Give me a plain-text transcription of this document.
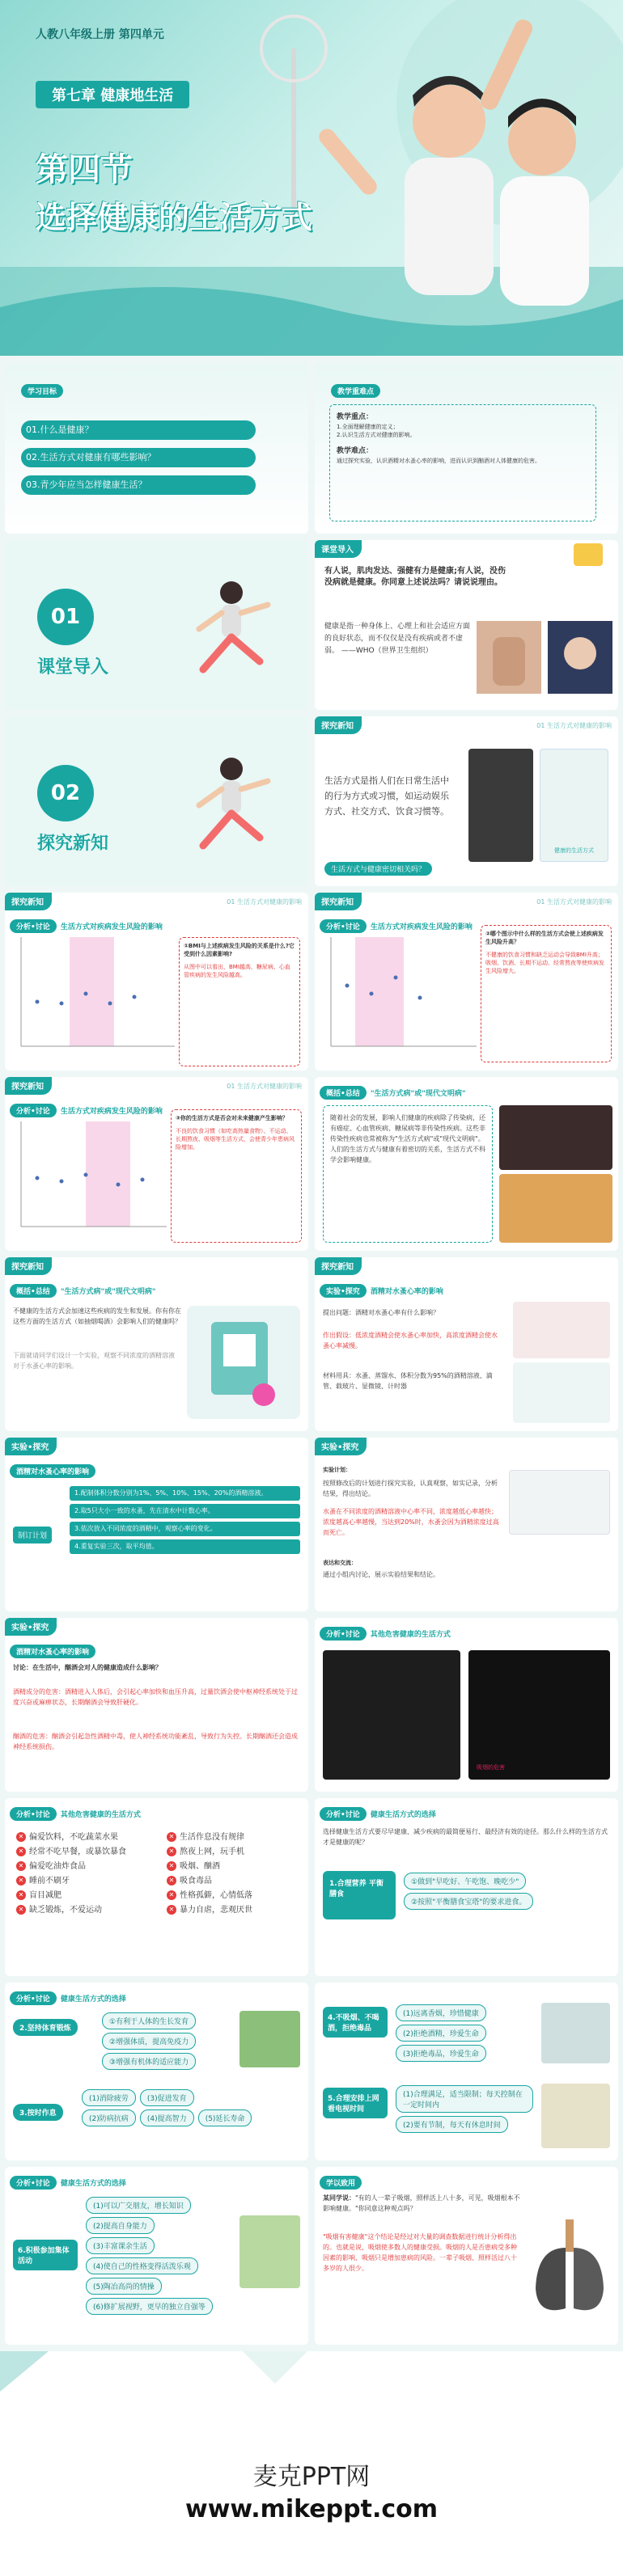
人教八年级上册 第四单元
第七章 健康地生活
第四节
选择健康的生活方式
学习目标
01.什么是健康？
02.生活方式对健康有哪些影响？
03.青少年应当怎样健康生活？
教学重难点
教学重点：
1.全面理解健康的定义；
2.认识生活方式对健康的影响。
教学难点：
通过探究实验，认识酒精对水蚤心率的影响，进而认识到酗酒对人体健康的危害。
01
课堂导入
课堂导入
有人说，肌肉发达、强健有力是健康;有人说，没伤没病就是健康。你同意上述说法吗？请说说理由。
健康是指一种身体上、心理上和社会适应方面的良好状态，而不仅仅是没有疾病或者不虚弱。 ——WHO（世界卫生组织）
02
探究新知
探究新知	01 生活方式对健康的影响
生活方式是指人们在日常生活中的行为方式或习惯，如运动娱乐方式、社交方式、饮食习惯等。
生活方式与健康密切相关吗？
健康的生活方式
探究新知	01 生活方式对健康的影响
分析•讨论 生活方式对疾病发生风险的影响
①BMI与上述疾病发生风险的关系是什么?它受到什么因素影响?
从图中可以看出，BMI越高，糖尿病、心血管疾病的发生风险越高。
探究新知	01 生活方式对健康的影响
分析•讨论 生活方式对疾病发生风险的影响
②哪个图示中什么样的生活方式会使上述疾病发生风险升高？
不健康的饮食习惯和缺乏运动会导致BMI升高；吸烟、饮酒、长期不运动、经常熬夜等使疾病发生风险增大。
探究新知	01 生活方式对健康的影响
分析•讨论 生活方式对疾病发生风险的影响
③你的生活方式是否会对未来健康产生影响？
不良的饮食习惯（如吃高热量食物）、不运动、长期熬夜、吸烟等生活方式，会使青少年患病风险增加。
概括•总结 "生活方式病"或"现代文明病"
随着社会的发展，影响人们健康的疾病除了传染病，还有癌症、心血管疾病、糖尿病等非传染性疾病。这些非传染性疾病也常被称为"生活方式病"或"现代文明病"。人们的生活方式与健康有着密切的关系，生活方式不科学会影响健康。
探究新知
概括•总结 "生活方式病"或"现代文明病"
不健康的生活方式会加速这些疾病的发生和发展。你有你在这些方面的生活方式（如抽烟喝酒）会影响人们的健康吗？
下面就请同学们设计一个实验，观察不同浓度的酒精溶液对于水蚤心率的影响。
探究新知
实验•探究 酒精对水蚤心率的影响
提出问题：酒精对水蚤心率有什么影响？
作出假设：低浓度酒精会使水蚤心率加快，高浓度酒精会使水蚤心率减慢。
材料用具：水蚤、蒸馏水、体积分数为95%的酒精溶液、滴管、载玻片、显微镜、计时器
实验•探究
酒精对水蚤心率的影响
制订计划
1.配制体积分数分别为1%、5%、10%、15%、20%的酒精溶液。
2.取5只大小一致的水蚤，先在清水中计数心率。
3.依次放入不同浓度的酒精中，观察心率的变化。
4.重复实验三次，取平均值。
实验•探究
实验计划：
按照修改后的计划进行探究实验，认真观察，如实记录，分析结果，得出结论。
水蚤在不同浓度的酒精溶液中心率不同，浓度越低心率越快；浓度越高心率越慢，当达到20%时，水蚤会因为酒精浓度过高而死亡。
表达和交流：
通过小组内讨论，展示实验结果和结论。
实验•探究
酒精对水蚤心率的影响
讨论：在生活中，酗酒会对人的健康造成什么影响？
酒精成分的危害：酒精进入人体后，会引起心率加快和血压升高，过量饮酒会使中枢神经系统处于过度兴奋或麻痹状态，长期酗酒会导致肝硬化。
酗酒的危害：酗酒会引起急性酒精中毒，使人神经系统功能紊乱，导致行为失控。长期酗酒还会造成神经系统损伤。
分析•讨论 其他危害健康的生活方式
吸烟的危害
分析•讨论 其他危害健康的生活方式
✕ 偏爱饮料，不吃蔬菜水果
✕ 经常不吃早餐，或暴饮暴食
✕ 偏爱吃油炸食品
✕ 睡前不刷牙
✕ 盲目减肥
✕ 缺乏锻炼，不爱运动
✕ 生活作息没有规律
✕ 熬夜上网，玩手机
✕ 吸烟、酗酒
✕ 吸食毒品
✕ 性格孤僻，心情低落
✕ 暴力自虐，悲观厌世
分析•讨论 健康生活方式的选择
选择健康生活方式要尽早建康、减少疾病的最简便易行、最经济有效的途径。那么什么样的生活方式才是健康的呢？
1.合理营养 平衡膳食
①做到"早吃好、午吃饱、晚吃少"
②按照"平衡膳食宝塔"的要求进食。
分析•讨论 健康生活方式的选择
2.坚持体育锻炼
①有利于人体的生长发育
②增强体质，提高免疫力
③增强有机体的适应能力
3.按时作息
(1)消除疲劳	(3)促进发育
(2)防病抗病	(4)提高智力	(5)延长寿命
4.不吸烟、不喝酒，拒绝毒品
(1)远离香烟，珍惜健康
(2)拒绝酒精，珍爱生命
(3)拒绝毒品，珍爱生命
5.合理安排上网看电视时间
(1)合理满足，适当限制；每天控制在一定时间内
(2)要有节制，每天有休息时间
分析•讨论 健康生活方式的选择
6.积极参加集体活动
(1)可以广交朋友，增长知识
(2)提高自身能力
(3)丰富课余生活
(4)使自己的性格变得活泼乐观
(5)陶冶高尚的情操
(6)修扩展视野，更早的独立自强等
学以致用
某同学说："有的人一辈子吸烟，照样活上八十多，可见，吸烟根本不影响健康。"你同意这种观点吗？
"吸烟有害健康"这个结论是经过对大量的调查数据进行统计分析得出的。也就是说，吸烟使多数人的健康受损。吸烟的人是否患病受多种因素的影响，吸烟只是增加患病的风险。一辈子吸烟、照样活过八十多岁的人很少。
麦克PPT网
www.mikeppt.com
